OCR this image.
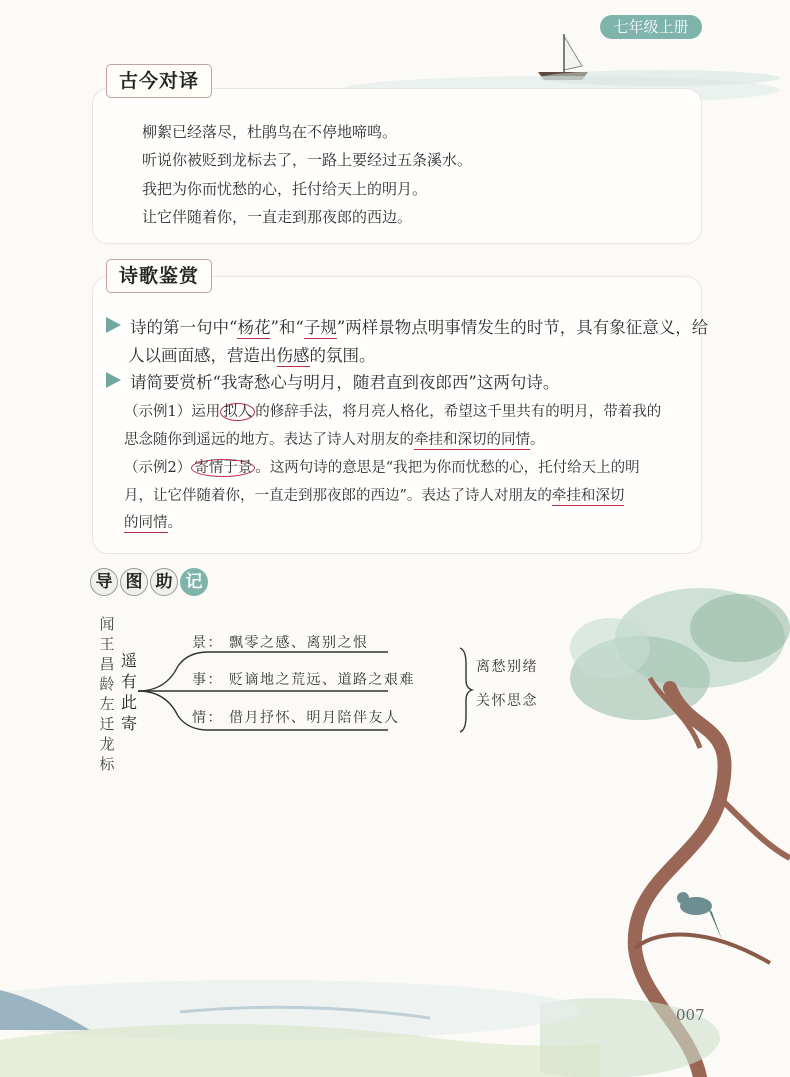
七年级上册
古今对译
柳絮已经落尽，杜鹃鸟在不停地啼鸣。
听说你被贬到龙标去了，一路上要经过五条溪水。
我把为你而忧愁的心，托付给天上的明月。
让它伴随着你，一直走到那夜郎的西边。
诗歌鉴赏
诗的第一句中“杨花”和“子规”两样景物点明事情发生的时节，具有象征意义，给
人以画面感，营造出伤感的氛围。
请简要赏析“我寄愁心与明月，随君直到夜郎西”这两句诗。
（示例1）运用 拟人 的修辞手法，将月亮人格化，希望这千里共有的明月，带着我的
思念随你到遥远的地方。表达了诗人对朋友的牵挂和深切的同情。
（示例2） 寄情于景 。这两句诗的意思是“我把为你而忧愁的心，托付给天上的明
月，让它伴随着你，一直走到那夜郎的西边”。表达了诗人对朋友的牵挂和深切
的同情。
导 图 助 记
闻王昌龄左迁龙标
遥有此寄
景： 飘零之感、离别之恨
事： 贬谪地之荒远、道路之艰难
情： 借月抒怀、明月陪伴友人
离愁别绪
关怀思念
007
